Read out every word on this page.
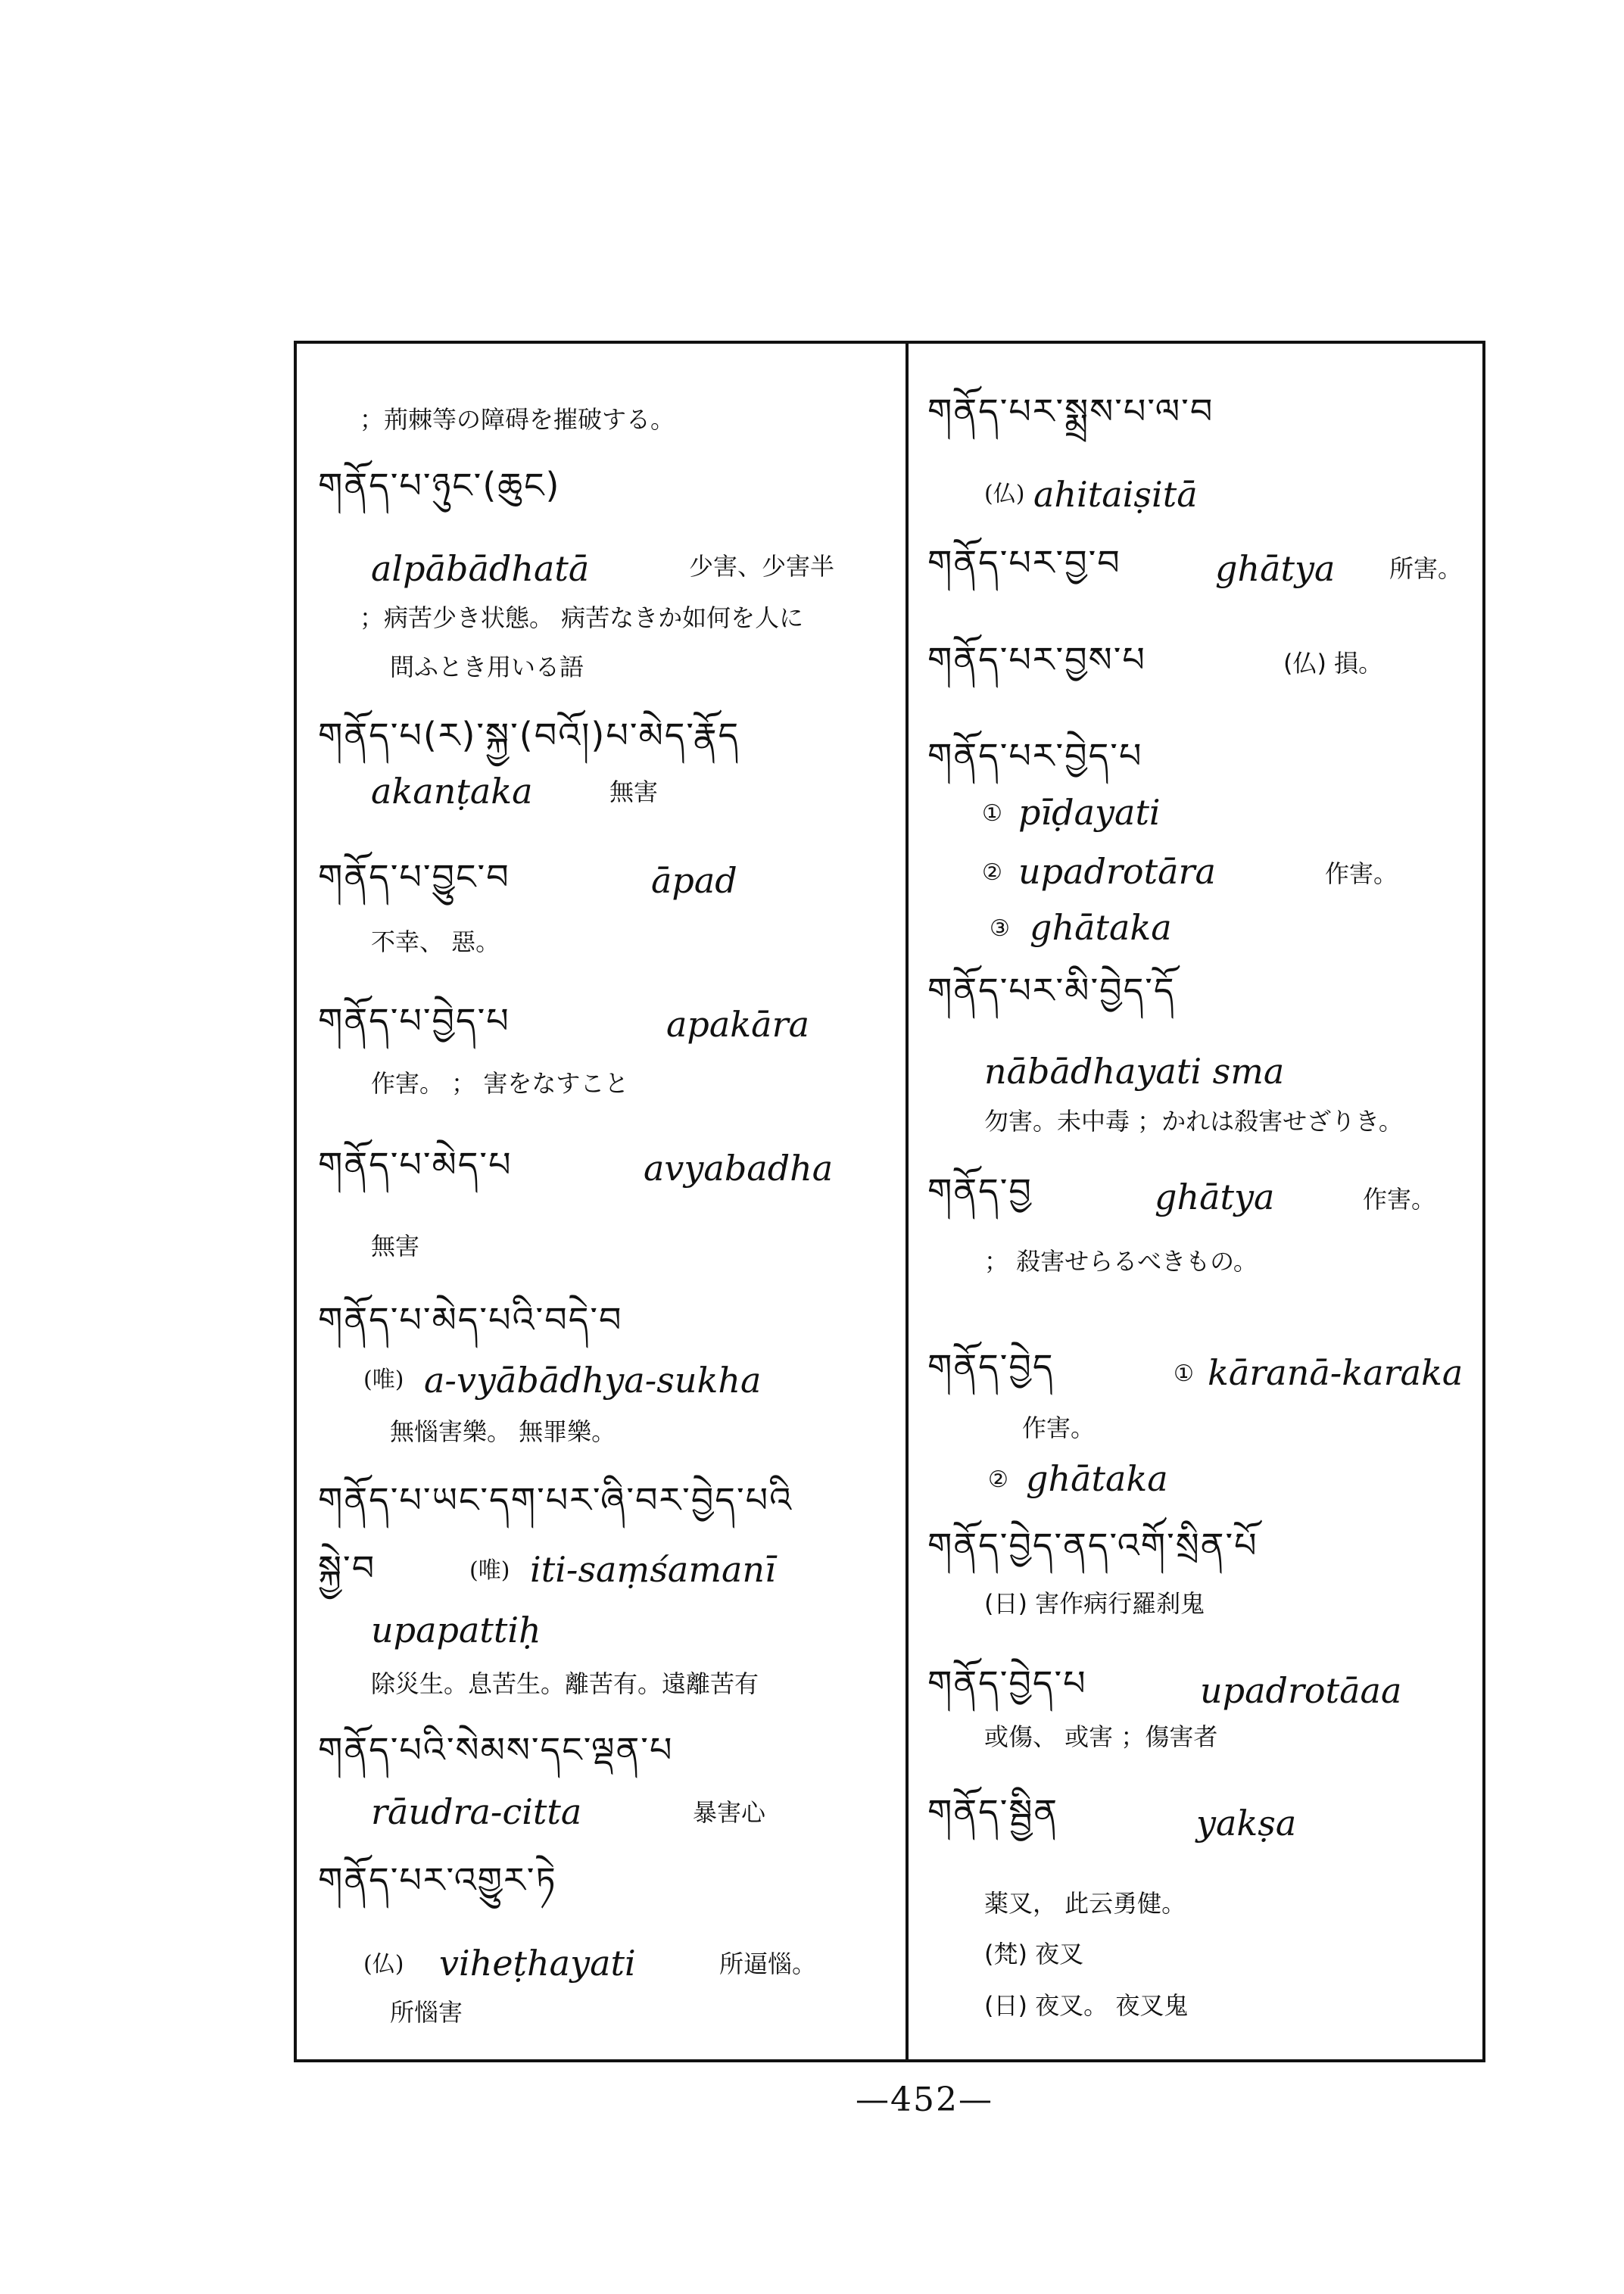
；荊棘等の障碍を摧破する。
གནོད་པ་ཉུང་(ཆུང)
alpābādhatā	少害、少害半
；病苦少き状態。 病苦なきか如何を人に
問ふとき用いる語
གནོད་པ(ར)་སྐྱ་(བའོ།)པ་མེད་རྣོད
akanṭaka	無害
གནོད་པ་བྱུང་བ	āpad
不幸、 惡。
གནོད་པ་བྱེད་པ	apakāra
作害。 ； 害をなすこと
གནོད་པ་མེད་པ	avyabadha
無害
གནོད་པ་མེད་པའི་བདེ་བ
(唯) a-vyābādhya-sukha
無惱害樂。 無罪樂。
གནོད་པ་ཡང་དག་པར་ཞི་བར་བྱེད་པའི
སྐྱེ་བ	(唯) iti-saṃśamanī
upapattiḥ
除災生。息苦生。離苦有。遠離苦有
གནོད་པའི་སེམས་དང་ལྡན་པ
rāudra-citta	暴害心
གནོད་པར་འགྱུར་ཏེ
(仏) viheṭhayati	所逼惱。
所惱害
གནོད་པར་སྨྲས་པ་ལ་བ
(仏) ahitaiṣitā
གནོད་པར་བྱ་བ	ghātya 所害。
གནོད་པར་བྱས་པ	(仏) 損。
གནོད་པར་བྱེད་པ
① pīḍayati
② upadrotāra	作害。
③ ghātaka
གནོད་པར་མི་བྱེད་དོ
nābādhayati sma
勿害。未中毒 ；かれは殺害せざりき。
གནོད་བྱ	ghātya	作害。
； 殺害せらるべきもの。
གནོད་བྱེད	① kāranā-karaka
作害。
② ghātaka
གནོད་བྱེད་ནད་འགོ་སྲིན་པོ
(日) 害作病行羅刹鬼
གནོད་བྱེད་པ	upadrotāaa
或傷、 或害 ；傷害者
གནོད་སྦྱིན	yakṣa
薬叉， 此云勇健。
(梵) 夜叉
(日) 夜叉。 夜叉鬼
—452—
